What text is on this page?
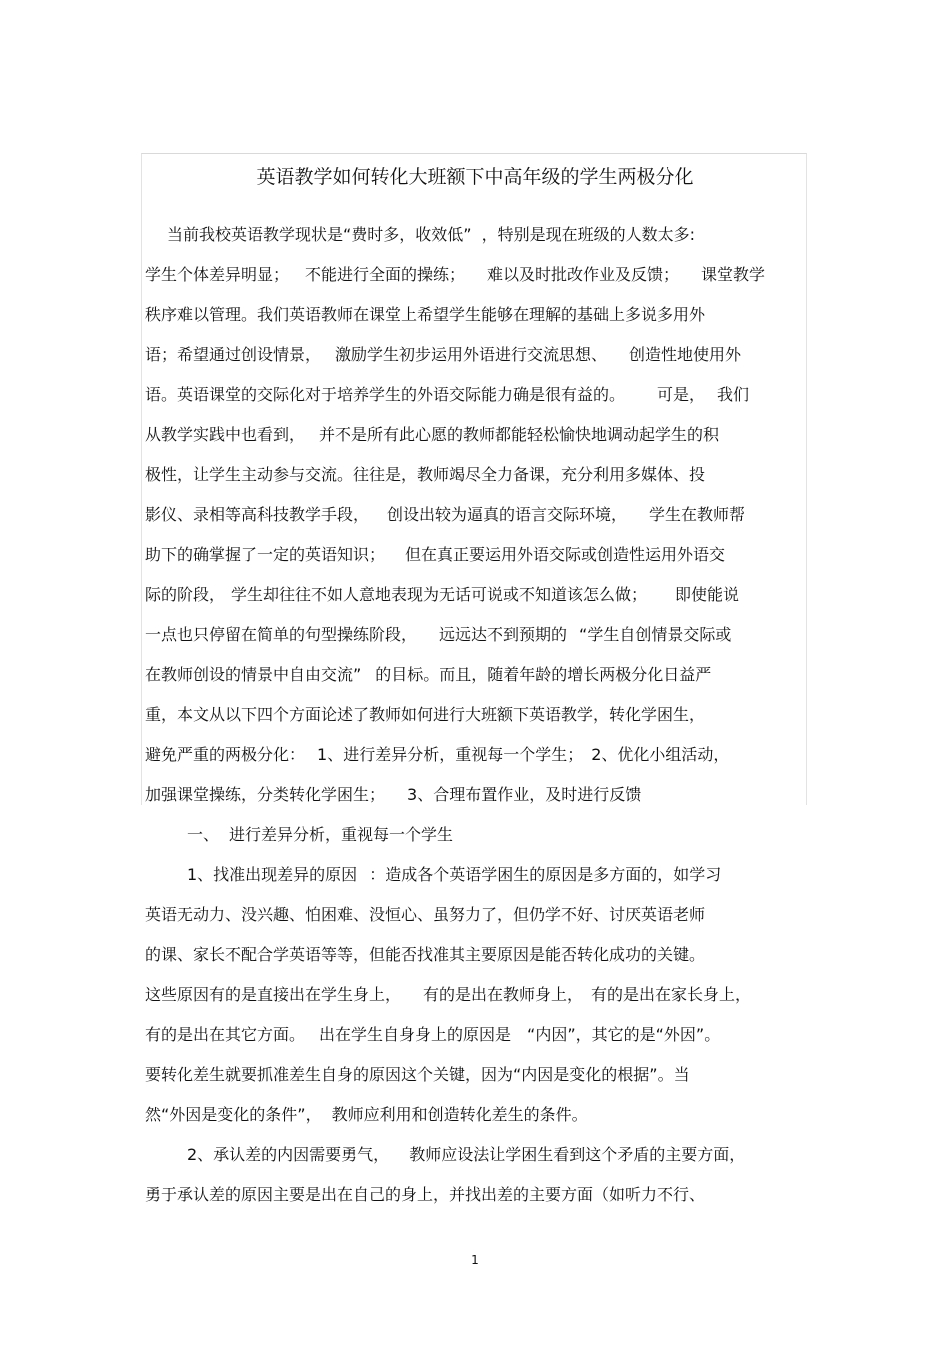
英语教学如何转化大班额下中高年级的学生两极分化
当前我校英语教学现状是“费时多，收效低” ，特别是现在班级的人数太多:
学生个体差异明显； 不能进行全面的操练； 难以及时批改作业及反馈； 课堂教学
秩序难以管理。我们英语教师在课堂上希望学生能够在理解的基础上多说多用外
语；希望通过创设情景， 激励学生初步运用外语进行交流思想、 创造性地使用外
语。英语课堂的交际化对于培养学生的外语交际能力确是很有益的。 可是， 我们
从教学实践中也看到， 并不是所有此心愿的教师都能轻松愉快地调动起学生的积
极性，让学生主动参与交流。往往是，教师竭尽全力备课，充分利用多媒体、投
影仪、录相等高科技教学手段， 创设出较为逼真的语言交际环境， 学生在教师帮
助下的确掌握了一定的英语知识； 但在真正要运用外语交际或创造性运用外语交
际的阶段， 学生却往往不如人意地表现为无话可说或不知道该怎么做； 即使能说
一点也只停留在简单的句型操练阶段， 远远达不到预期的 “学生自创情景交际或
在教师创设的情景中自由交流” 的目标。而且，随着年龄的增长两极分化日益严
重，本文从以下四个方面论述了教师如何进行大班额下英语教学，转化学困生，
避免严重的两极分化： 1、进行差异分析，重视每一个学生； 2、优化小组活动，
加强课堂操练，分类转化学困生； 3、合理布置作业，及时进行反馈
一、 进行差异分析，重视每一个学生
1、找准出现差异的原因 ：造成各个英语学困生的原因是多方面的，如学习
英语无动力、没兴趣、怕困难、没恒心、虽努力了，但仍学不好、讨厌英语老师
的课、家长不配合学英语等等，但能否找准其主要原因是能否转化成功的关键。
这些原因有的是直接出在学生身上， 有的是出在教师身上， 有的是出在家长身上，
有的是出在其它方面。 出在学生自身身上的原因是 “内因”，其它的是“外因”。
要转化差生就要抓准差生自身的原因这个关键，因为“内因是变化的根据”。当
然“外因是变化的条件”， 教师应利用和创造转化差生的条件。
2、承认差的内因需要勇气， 教师应设法让学困生看到这个矛盾的主要方面，
勇于承认差的原因主要是出在自己的身上，并找出差的主要方面（如听力不行、
1
